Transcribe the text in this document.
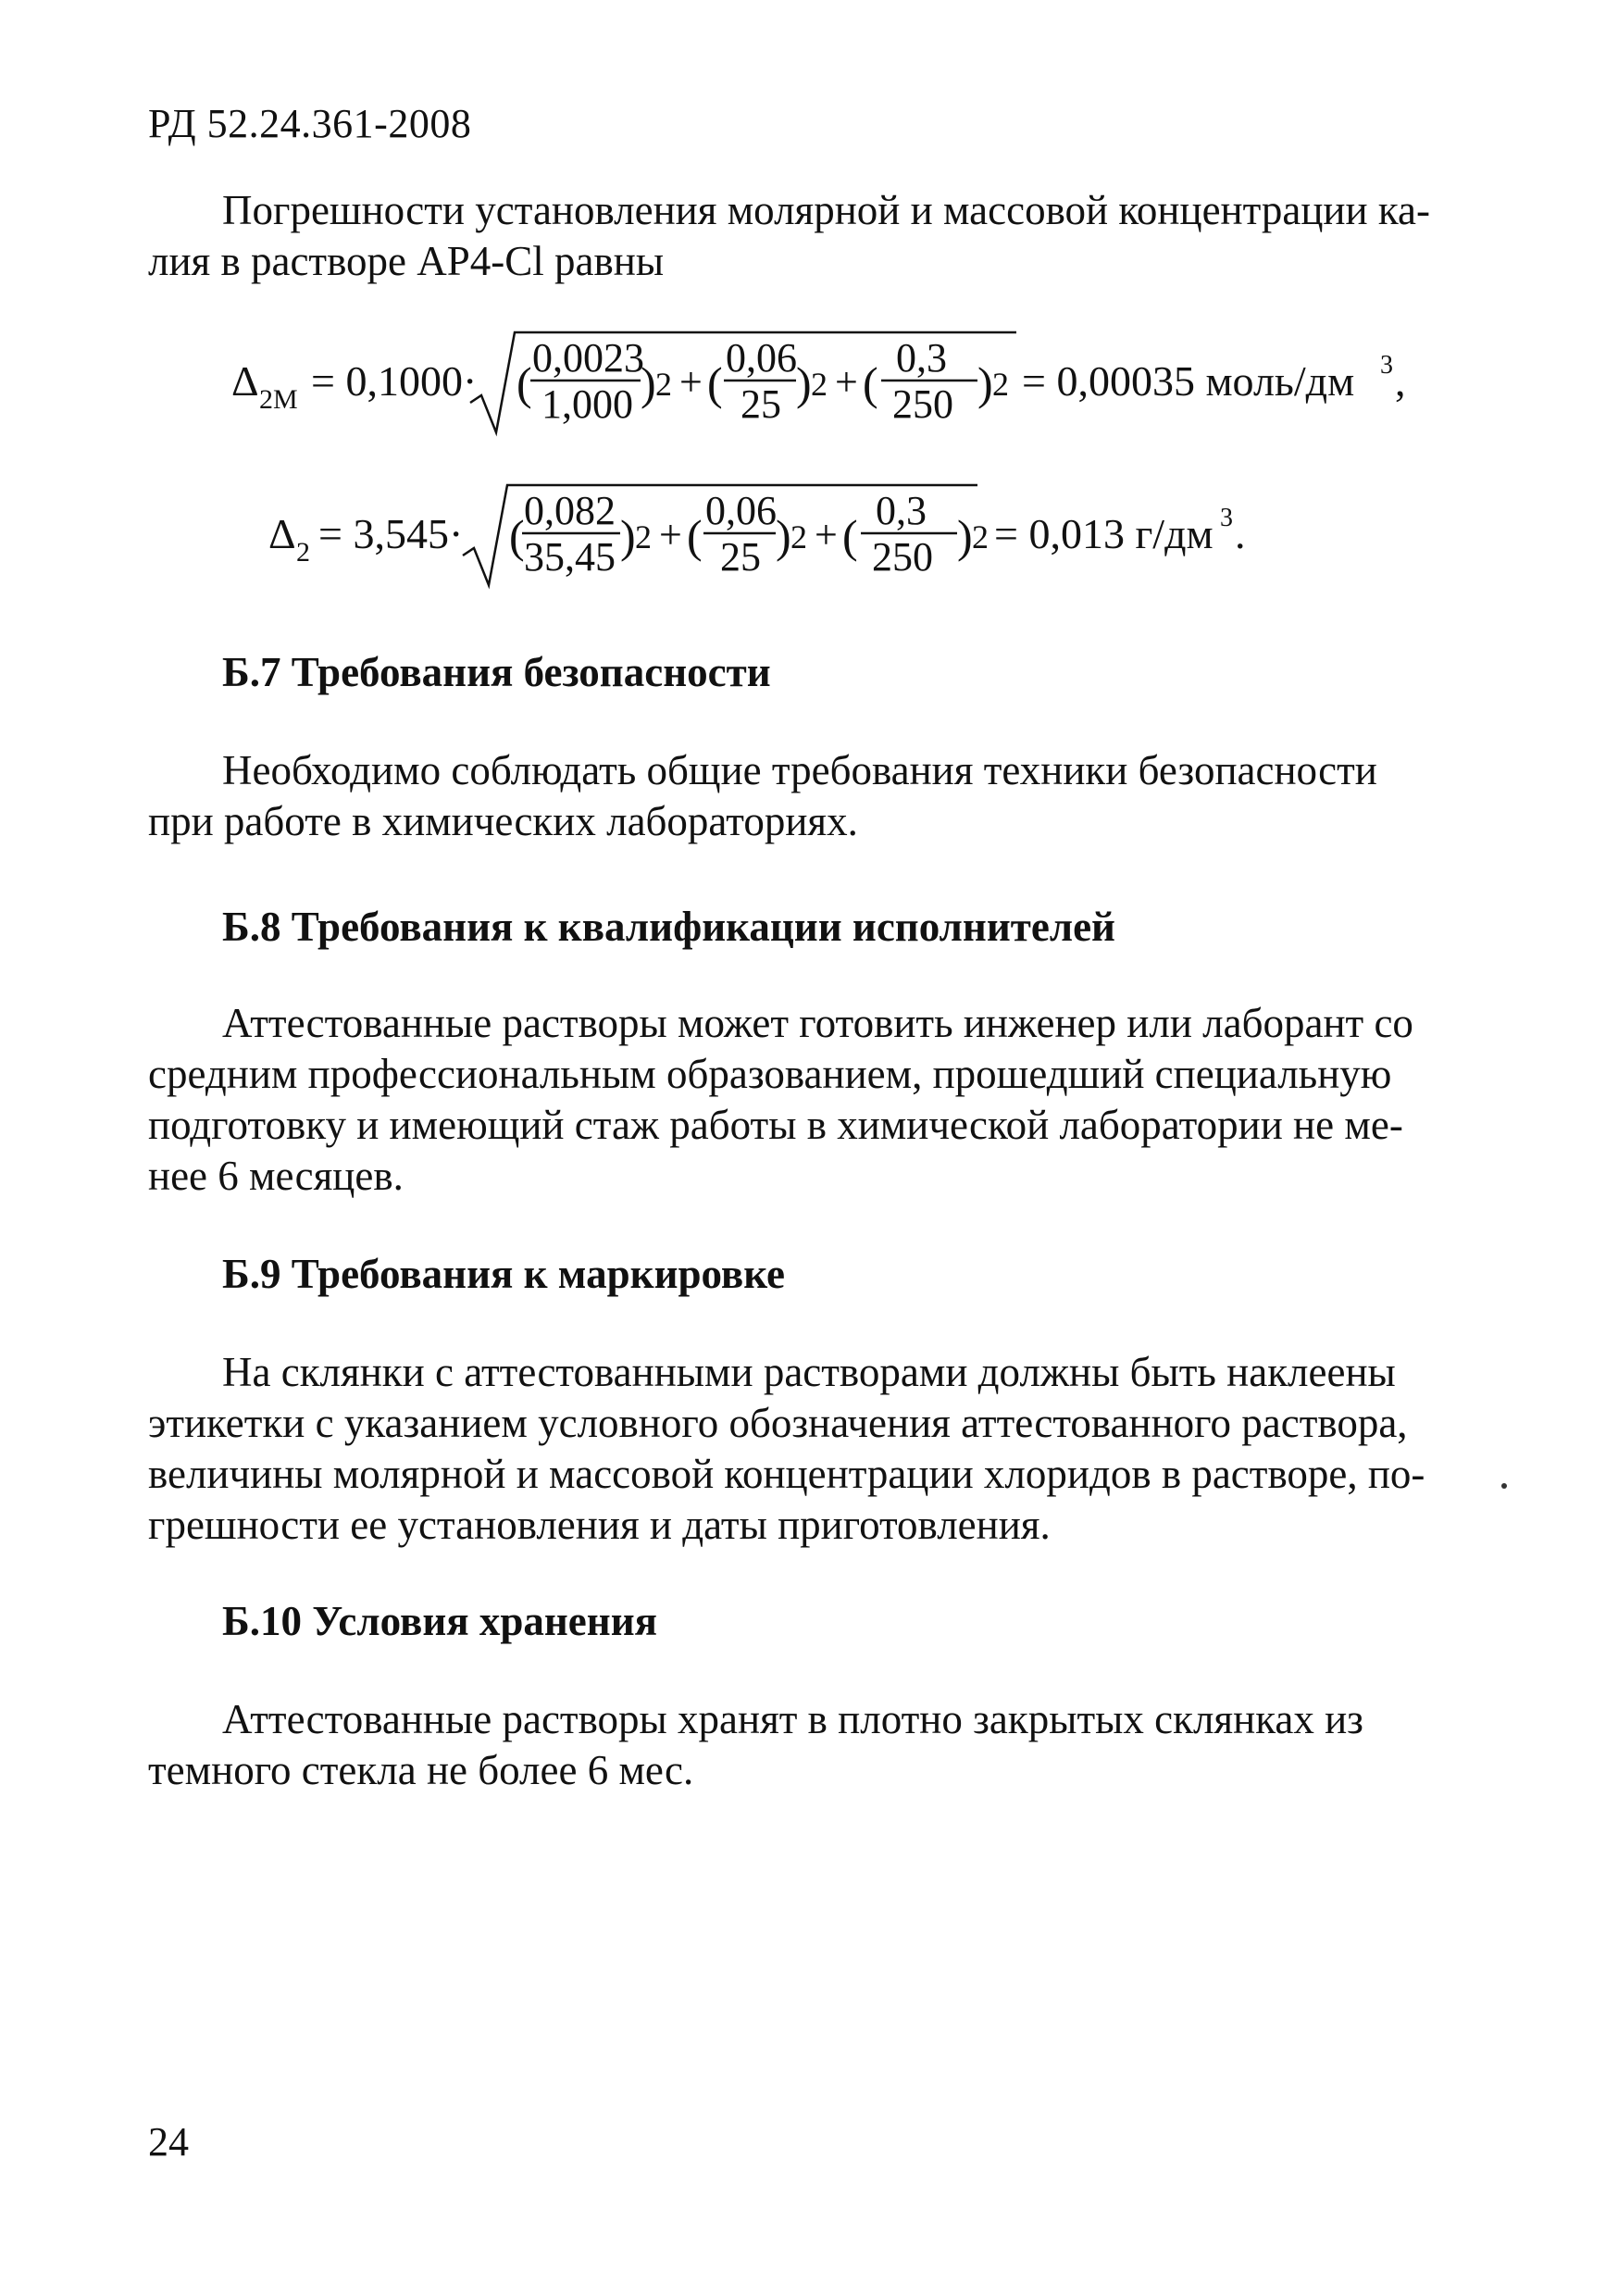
РД 52.24.361-2008
Погрешности установления молярной и массовой концентрации ка-
лия в растворе АР4-Cl равны
Δ 2M = 0,1000· ( 0,0023
1,000 ) 2 + ( 0,06
25 ) 2 + ( 0,3
250 ) 2 = 0,00035 моль/дм 3 ,
Δ 2 = 3,545· ( 0,082
35,45 ) 2 + ( 0,06
25 ) 2 + ( 0,3
250 ) 2 = 0,013 г/дм 3 .
Б.7 Требования безопасности
Необходимо соблюдать общие требования техники безопасности
при работе в химических лабораториях.
Б.8 Требования к квалификации исполнителей
Аттестованные растворы может готовить инженер или лаборант со
средним профессиональным образованием, прошедший специальную
подготовку и имеющий стаж работы в химической лаборатории не ме-
нее 6 месяцев.
Б.9 Требования к маркировке
На склянки с аттестованными растворами должны быть наклеены
этикетки с указанием условного обозначения аттестованного раствора,
величины молярной и массовой концентрации хлоридов в растворе, по-
грешности ее установления и даты приготовления.
Б.10 Условия хранения
Аттестованные растворы хранят в плотно закрытых склянках из
темного стекла не более 6 мес.
24
